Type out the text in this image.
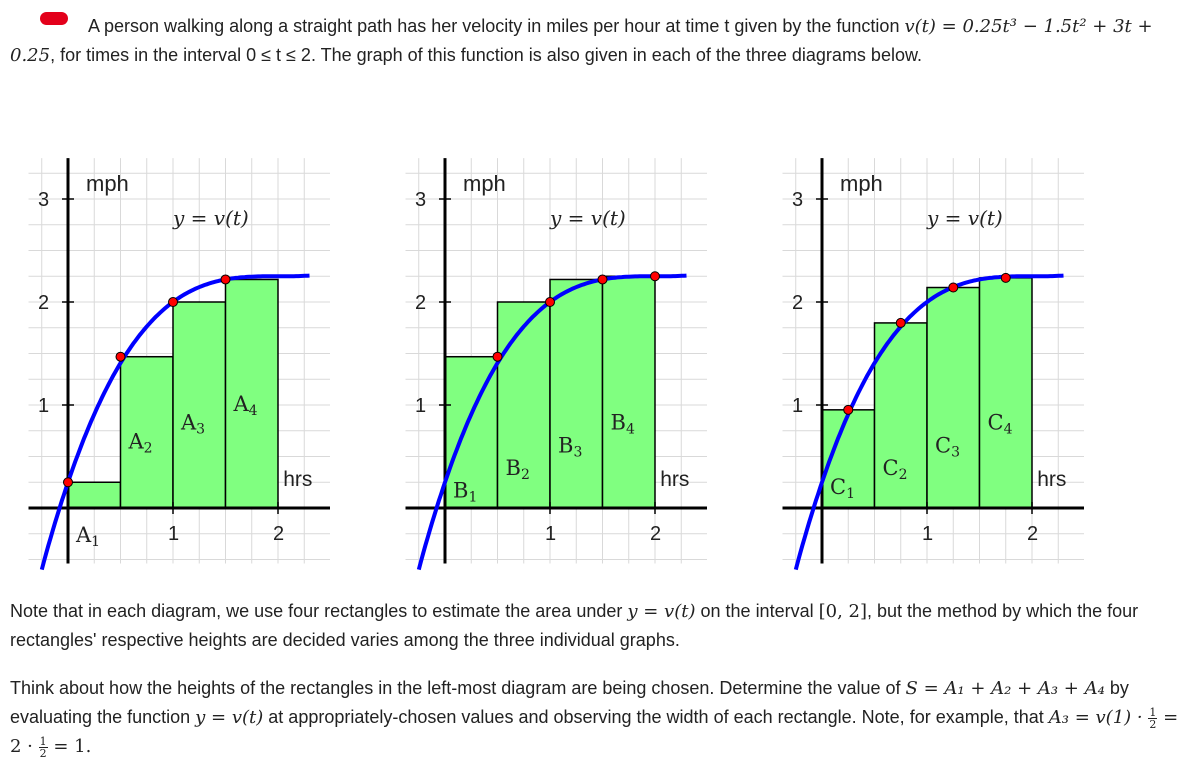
A person walking along a straight path has her velocity in miles per hour at time t given by the function v(t) = 0.25t³ − 1.5t² + 3t + 0.25, for times in the interval 0 ≤ t ≤ 2. The graph of this function is also given in each of the three diagrams below.
1
2
3
1	2
mph
hrs
y = v(t)
A1
A2
A3
A4	1
2
3
1	2
mph
hrs
y = v(t)
B1
B2
B3
B4
1
2
3
1	2
mph
hrs
y = v(t)
C1
C2
C3
C4
Note that in each diagram, we use four rectangles to estimate the area under y = v(t) on the interval [0, 2], but the method by which the four rectangles' respective heights are decided varies among the three individual graphs.
Think about how the heights of the rectangles in the left-most diagram are being chosen. Determine the value of S = A₁ + A₂ + A₃ + A₄ by evaluating the function y = v(t) at appropriately-chosen values and observing the width of each rectangle. Note, for example, that $A_3 = v(1) \cdot \frac{1}{2} = 2 \cdot \frac{1}{2} = 1$.
